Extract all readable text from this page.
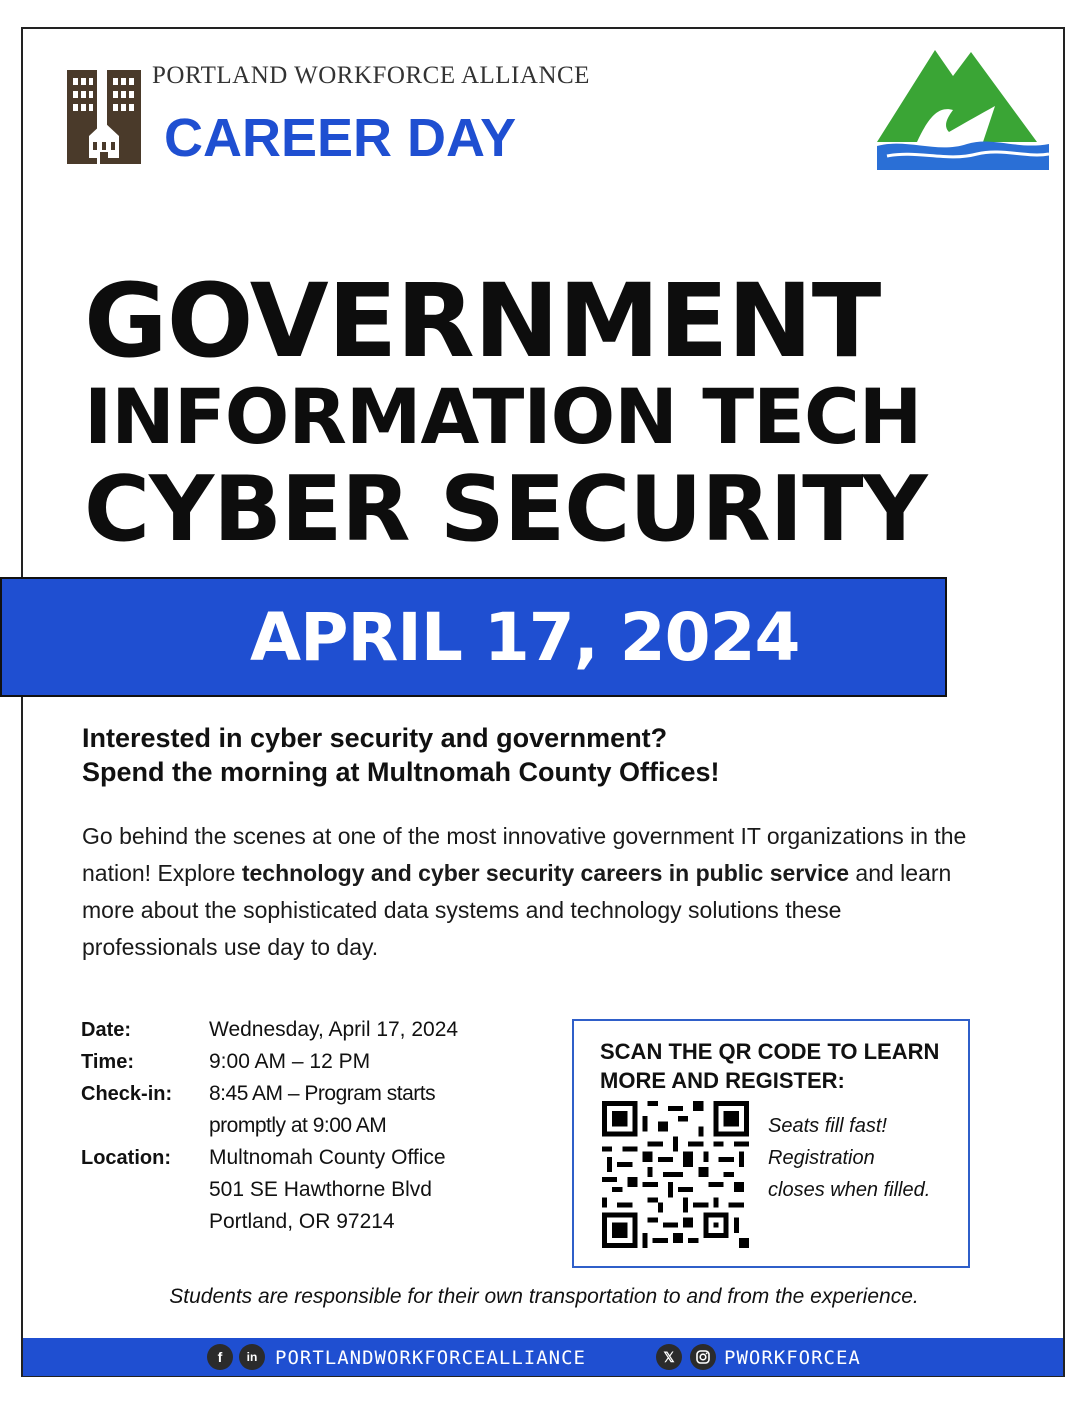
PORTLAND WORKFORCE ALLIANCE
CAREER DAY
GOVERNMENT
INFORMATION TECH
CYBER SECURITY
APRIL 17, 2024
Interested in cyber security and government?
Spend the morning at Multnomah County Offices!
Go behind the scenes at one of the most innovative government IT organizations in the nation! Explore technology and cyber security careers in public service and learn more about the sophisticated data systems and technology solutions these professionals use day to day.
Date:	Wednesday, April 17, 2024
Time:	9:00 AM – 12 PM
Check-in: 8:45 AM – Program starts
promptly at 9:00 AM
Location: Multnomah County Office
501 SE Hawthorne Blvd
Portland, OR 97214
SCAN THE QR CODE TO LEARN
MORE AND REGISTER:
Seats fill fast!
Registration
closes when filled.
Students are responsible for their own transportation to and from the experience.
f	in PORTLANDWORKFORCEALLIANCE	𝕏	PWORKFORCEA
